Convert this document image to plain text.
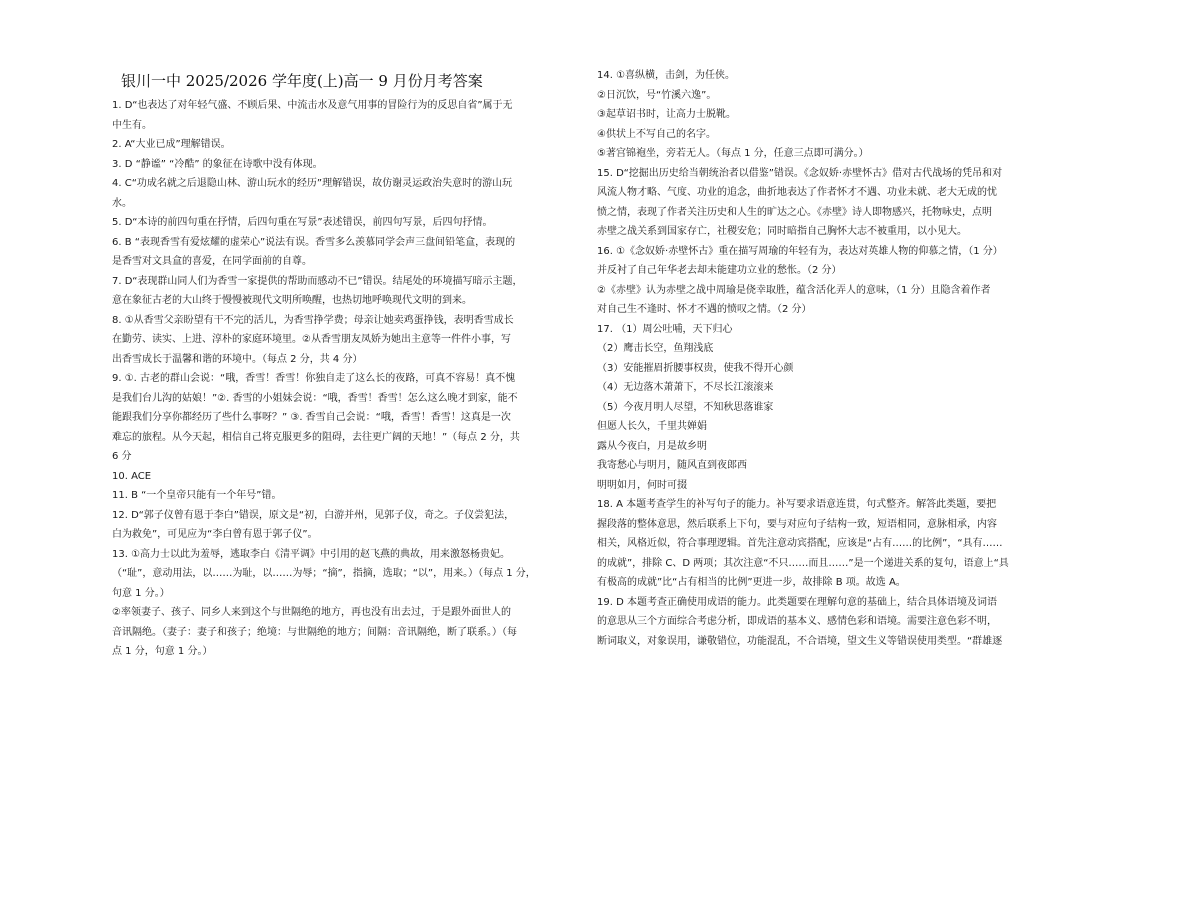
银川一中 2025/2026 学年度(上)高一 9 月份月考答案
1. D“也表达了对年轻气盛、不顾后果、中流击水及意气用事的冒险行为的反思自省”属于无
中生有。
2. A“大业已成”理解错误。
3. D “静谧” “冷酷” 的象征在诗歌中没有体现。
4. C“功成名就之后退隐山林、游山玩水的经历”理解错误，故仿谢灵运政治失意时的游山玩
水。
5. D“本诗的前四句重在抒情，后四句重在写景”表述错误，前四句写景，后四句抒情。
6. B “表现香雪有爱炫耀的虚荣心”说法有误。香雪多么羡慕同学会声三盘间铅笔盒，表现的
是香雪对文具盒的喜爱，在同学面前的自尊。
7. D“表现群山同人们为香雪一家提供的帮助而感动不已”错误。结尾处的环境描写暗示主题，
意在象征古老的大山终于慢慢被现代文明所唤醒，也热切地呼唤现代文明的到来。
8. ①从香雪父亲盼望有干不完的活儿，为香雪挣学费；母亲让她卖鸡蛋挣钱，表明香雪成长
在勤劳、读实、上进、淳朴的家庭环境里。②从香雪朋友凤娇为她出主意等一件件小事，写
出香雪成长于温馨和谐的环境中。（每点 2 分，共 4 分）
9. ①. 古老的群山会说：“哦，香雪！香雪！你独自走了这么长的夜路，可真不容易！真不愧
是我们台儿沟的姑娘！”②. 香雪的小姐妹会说：“哦，香雪！香雪！怎么这么晚才到家，能不
能跟我们分享你都经历了些什么事呀？” ③. 香雪自己会说：“哦，香雪！香雪！这真是一次
难忘的旅程。从今天起，相信自己将克服更多的阻碍，去往更广阔的天地！”（每点 2 分，共
6 分
10. ACE
11. B “一个皇帝只能有一个年号”错。
12. D“郭子仪曾有恩于李白”错误，原文是“初，白游并州，见郭子仪，奇之。子仪尝犯法，
白为救免”，可见应为“李白曾有恩于郭子仪”。
13. ①高力士以此为羞辱，逃取李白《清平调》中引用的赵飞燕的典故，用来激怒杨贵妃。
（“耻”，意动用法，以……为耻，以……为辱；“摘”，指摘，选取；“以”，用来。）（每点 1 分，
句意 1 分。）
②率领妻子、孩子、同乡人来到这个与世隔绝的地方，再也没有出去过，于是跟外面世人的
音讯隔绝。（妻子：妻子和孩子；绝境：与世隔绝的地方；间隔：音讯隔绝，断了联系。）（每
点 1 分，句意 1 分。）
14. ①喜纵横，击剑，为任侠。
②日沉饮，号“竹溪六逸”。
③起草诏书时，让高力士脱靴。
④供状上不写自己的名字。
⑤著宫锦袍坐，旁若无人。（每点 1 分，任意三点即可满分。）
15. D“挖掘出历史给当朝统治者以借鉴”错误。《念奴娇·赤壁怀古》借对古代战场的凭吊和对
风流人物才略、气度、功业的追念，曲折地表达了作者怀才不遇、功业未就、老大无成的忧
愤之情，表现了作者关注历史和人生的旷达之心。《赤壁》诗人即物感兴，托物咏史，点明
赤壁之战关系到国家存亡，社稷安危；同时暗指自己胸怀大志不被重用，以小见大。
16. ①《念奴娇·赤壁怀古》重在描写周瑜的年轻有为，表达对英雄人物的仰慕之情，（1 分）
并反衬了自己年华老去却未能建功立业的愁怅。（2 分）
②《赤壁》认为赤壁之战中周瑜是侥幸取胜，蕴含活化弄人的意味，（1 分）且隐含着作者
对自己生不逢时、怀才不遇的愤叹之情。（2 分）
17. （1）周公吐哺，天下归心
（2）鹰击长空，鱼翔浅底
（3）安能摧眉折腰事权贵，使我不得开心颜
（4）无边落木萧萧下，不尽长江滚滚来
（5）今夜月明人尽望，不知秋思落谁家
但愿人长久，千里共婵娟
露从今夜白，月是故乡明
我寄愁心与明月，随风直到夜郎西
明明如月，何时可掇
18. A 本题考查学生的补写句子的能力。补写要求语意连贯，句式整齐。解答此类题，要把
握段落的整体意思，然后联系上下句，要与对应句子结构一致，短语相同，意脉相承，内容
相关，风格近似，符合事理逻辑。首先注意动宾搭配，应该是“占有……的比例”，“具有……
的成就”，排除 C、D 两项；其次注意“不只……而且……”是一个递进关系的复句，语意上“具
有极高的成就”比“占有相当的比例”更进一步，故排除 B 项。故选 A。
19. D 本题考查正确使用成语的能力。此类题要在理解句意的基础上，结合具体语境及词语
的意思从三个方面综合考虑分析，即成语的基本义、感情色彩和语境。需要注意色彩不明，
断词取义，对象误用，谦敬错位，功能混乱，不合语境，望文生义等错误使用类型。“群雄逐
